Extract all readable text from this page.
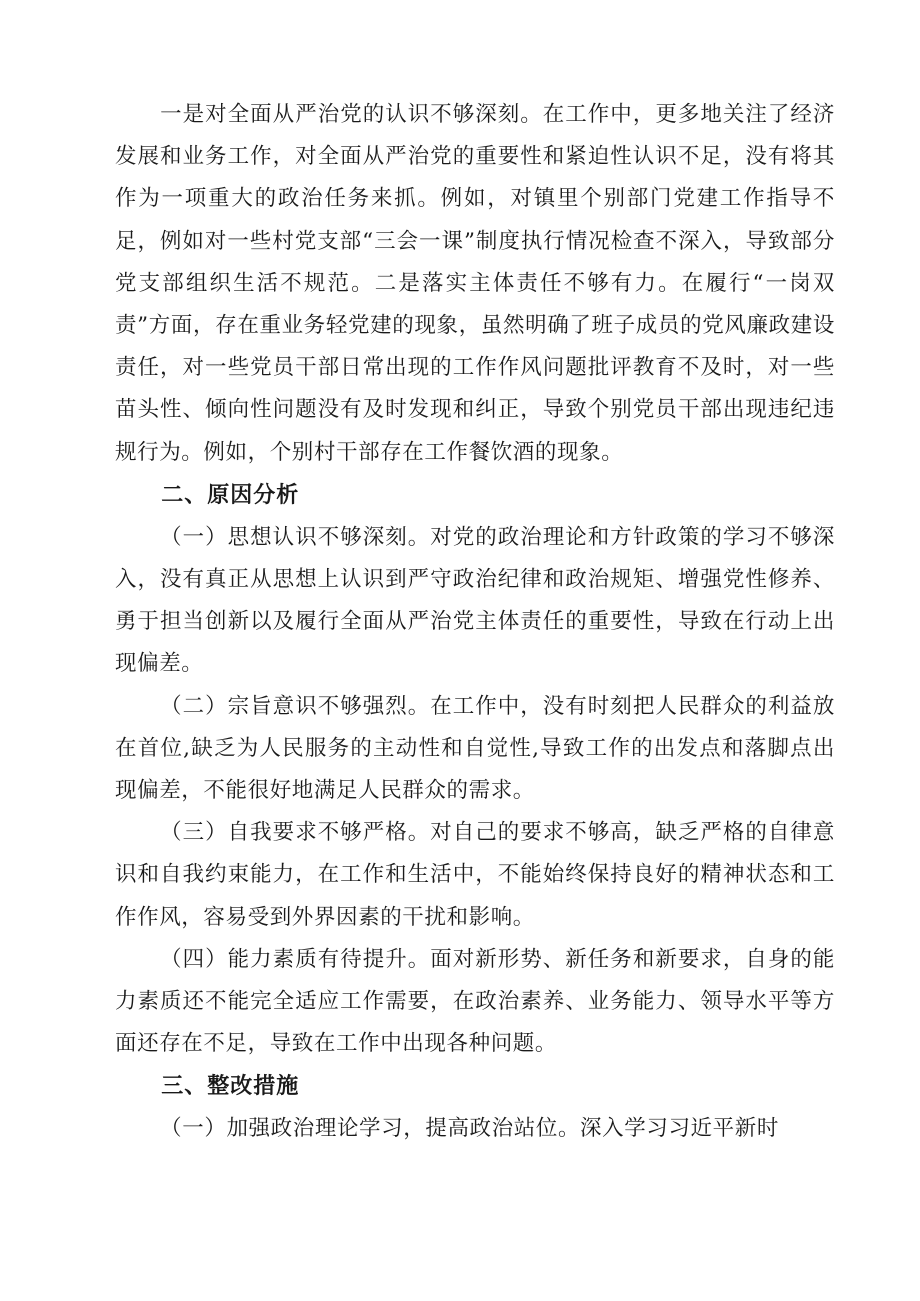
一是对全面从严治党的认识不够深刻。在工作中，更多地关注了经济发展和业务工作，对全面从严治党的重要性和紧迫性认识不足，没有将其作为一项重大的政治任务来抓。例如，对镇里个别部门党建工作指导不足，例如对一些村党支部“三会一课”制度执行情况检查不深入，导致部分党支部组织生活不规范。二是落实主体责任不够有力。在履行“一岗双责”方面，存在重业务轻党建的现象，虽然明确了班子成员的党风廉政建设责任，对一些党员干部日常出现的工作作风问题批评教育不及时，对一些苗头性、倾向性问题没有及时发现和纠正，导致个别党员干部出现违纪违规行为。例如，个别村干部存在工作餐饮酒的现象。

二、原因分析

（一）思想认识不够深刻。对党的政治理论和方针政策的学习不够深入，没有真正从思想上认识到严守政治纪律和政治规矩、增强党性修养、勇于担当创新以及履行全面从严治党主体责任的重要性，导致在行动上出现偏差。

（二）宗旨意识不够强烈。在工作中，没有时刻把人民群众的利益放在首位,缺乏为人民服务的主动性和自觉性,导致工作的出发点和落脚点出现偏差，不能很好地满足人民群众的需求。

（三）自我要求不够严格。对自己的要求不够高，缺乏严格的自律意识和自我约束能力，在工作和生活中，不能始终保持良好的精神状态和工作作风，容易受到外界因素的干扰和影响。

（四）能力素质有待提升。面对新形势、新任务和新要求，自身的能力素质还不能完全适应工作需要，在政治素养、业务能力、领导水平等方面还存在不足，导致在工作中出现各种问题。

三、整改措施

（一）加强政治理论学习，提高政治站位。深入学习习近平新时
